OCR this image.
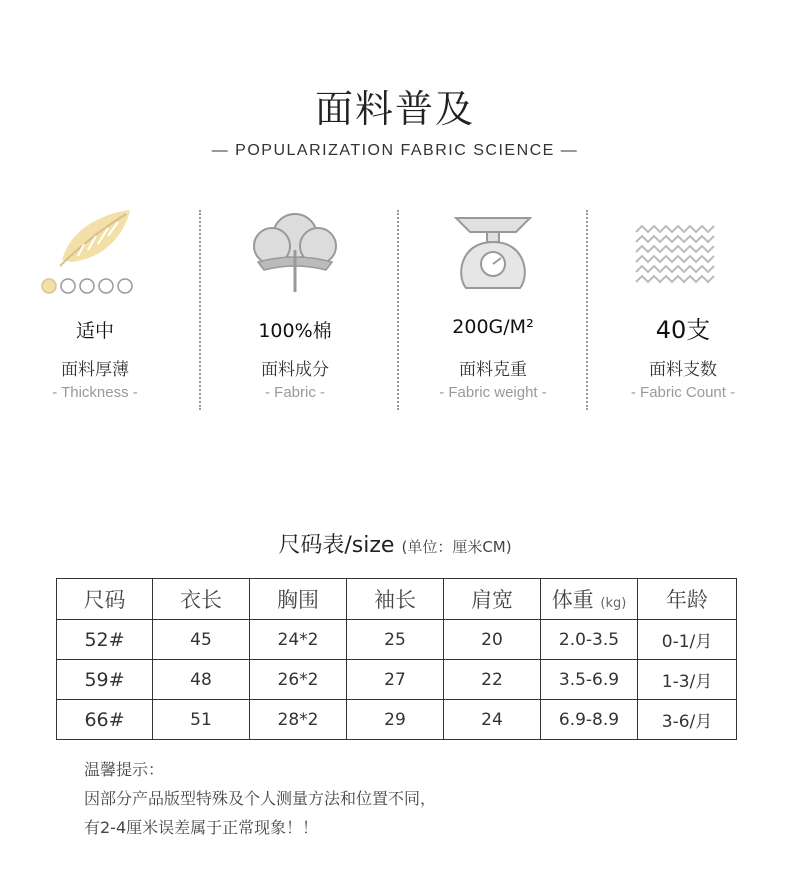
面料普及
— POPULARIZATION FABRIC SCIENCE —
适中
面料厚薄
- Thickness -
100%棉
面料成分
- Fabric -
200G/M²
面料克重
- Fabric weight -
40支
面料支数
- Fabric Count -
尺码表/size (单位：厘米CM)
尺码	衣长	胸围	袖长	肩宽	体重 (kg)	年龄
52#	45	24*2	25	20	2.0-3.5	0-1/月
59#	48	26*2	27	22	3.5-6.9	1-3/月
66#	51	28*2	29	24	6.9-8.9	3-6/月
温馨提示：
因部分产品版型特殊及个人测量方法和位置不同，
有2-4厘米误差属于正常现象！！
